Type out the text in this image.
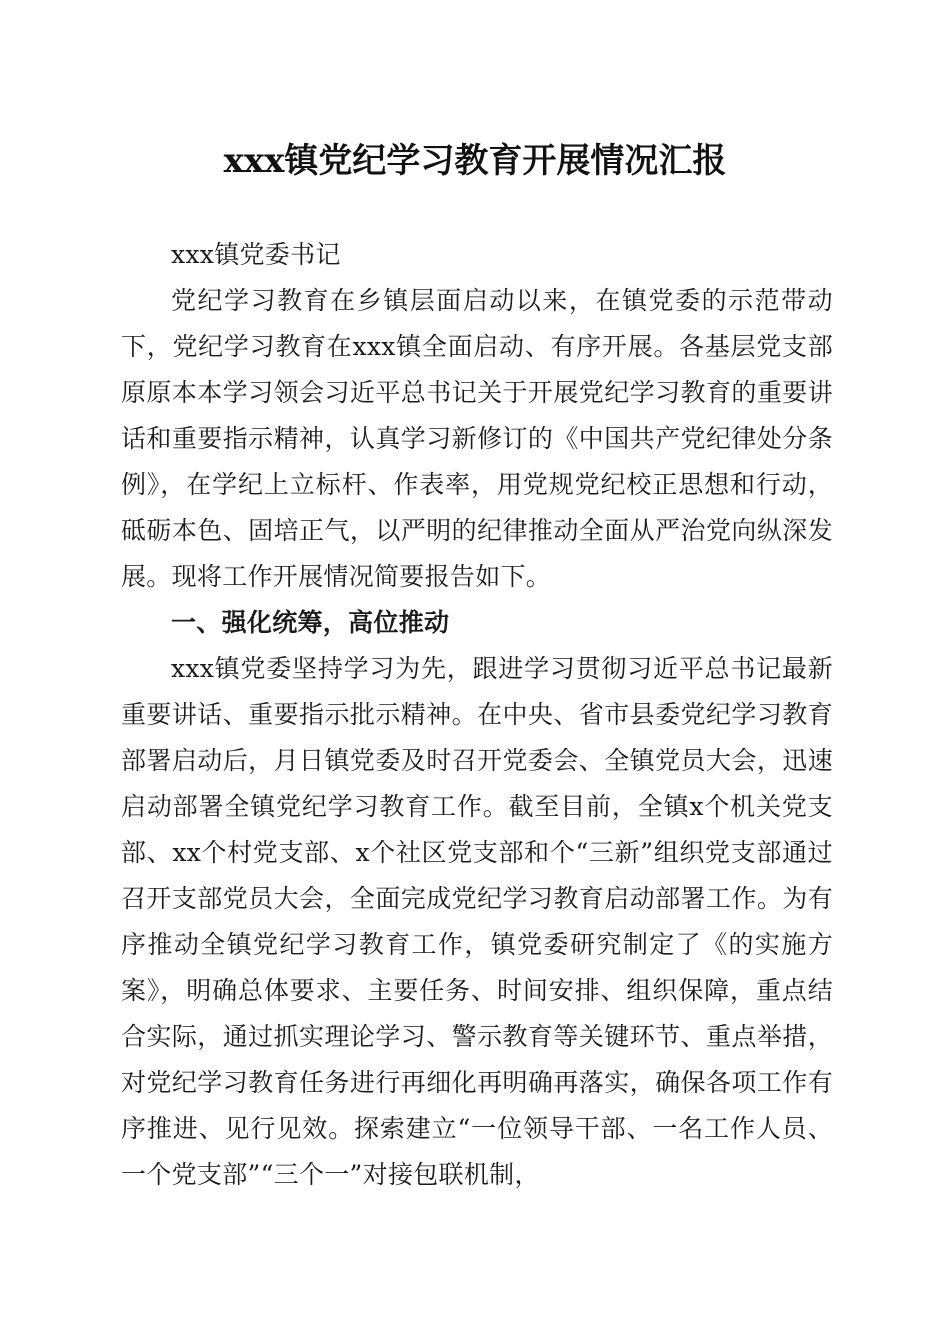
xxx镇党纪学习教育开展情况汇报

xxx镇党委书记

党纪学习教育在乡镇层面启动以来，在镇党委的示范带动下，党纪学习教育在xxx镇全面启动、有序开展。各基层党支部原原本本学习领会习近平总书记关于开展党纪学习教育的重要讲话和重要指示精神，认真学习新修订的《中国共产党纪律处分条例》，在学纪上立标杆、作表率，用党规党纪校正思想和行动，砥砺本色、固培正气，以严明的纪律推动全面从严治党向纵深发展。现将工作开展情况简要报告如下。

一、强化统筹，高位推动

xxx镇党委坚持学习为先，跟进学习贯彻习近平总书记最新重要讲话、重要指示批示精神。在中央、省市县委党纪学习教育部署启动后，月日镇党委及时召开党委会、全镇党员大会，迅速启动部署全镇党纪学习教育工作。截至目前，全镇x个机关党支部、xx个村党支部、x个社区党支部和个“三新”组织党支部通过召开支部党员大会，全面完成党纪学习教育启动部署工作。为有序推动全镇党纪学习教育工作，镇党委研究制定了《的实施方案》，明确总体要求、主要任务、时间安排、组织保障，重点结合实际，通过抓实理论学习、警示教育等关键环节、重点举措，对党纪学习教育任务进行再细化再明确再落实，确保各项工作有序推进、见行见效。探索建立“一位领导干部、一名工作人员、一个党支部”“三个一”对接包联机制，
